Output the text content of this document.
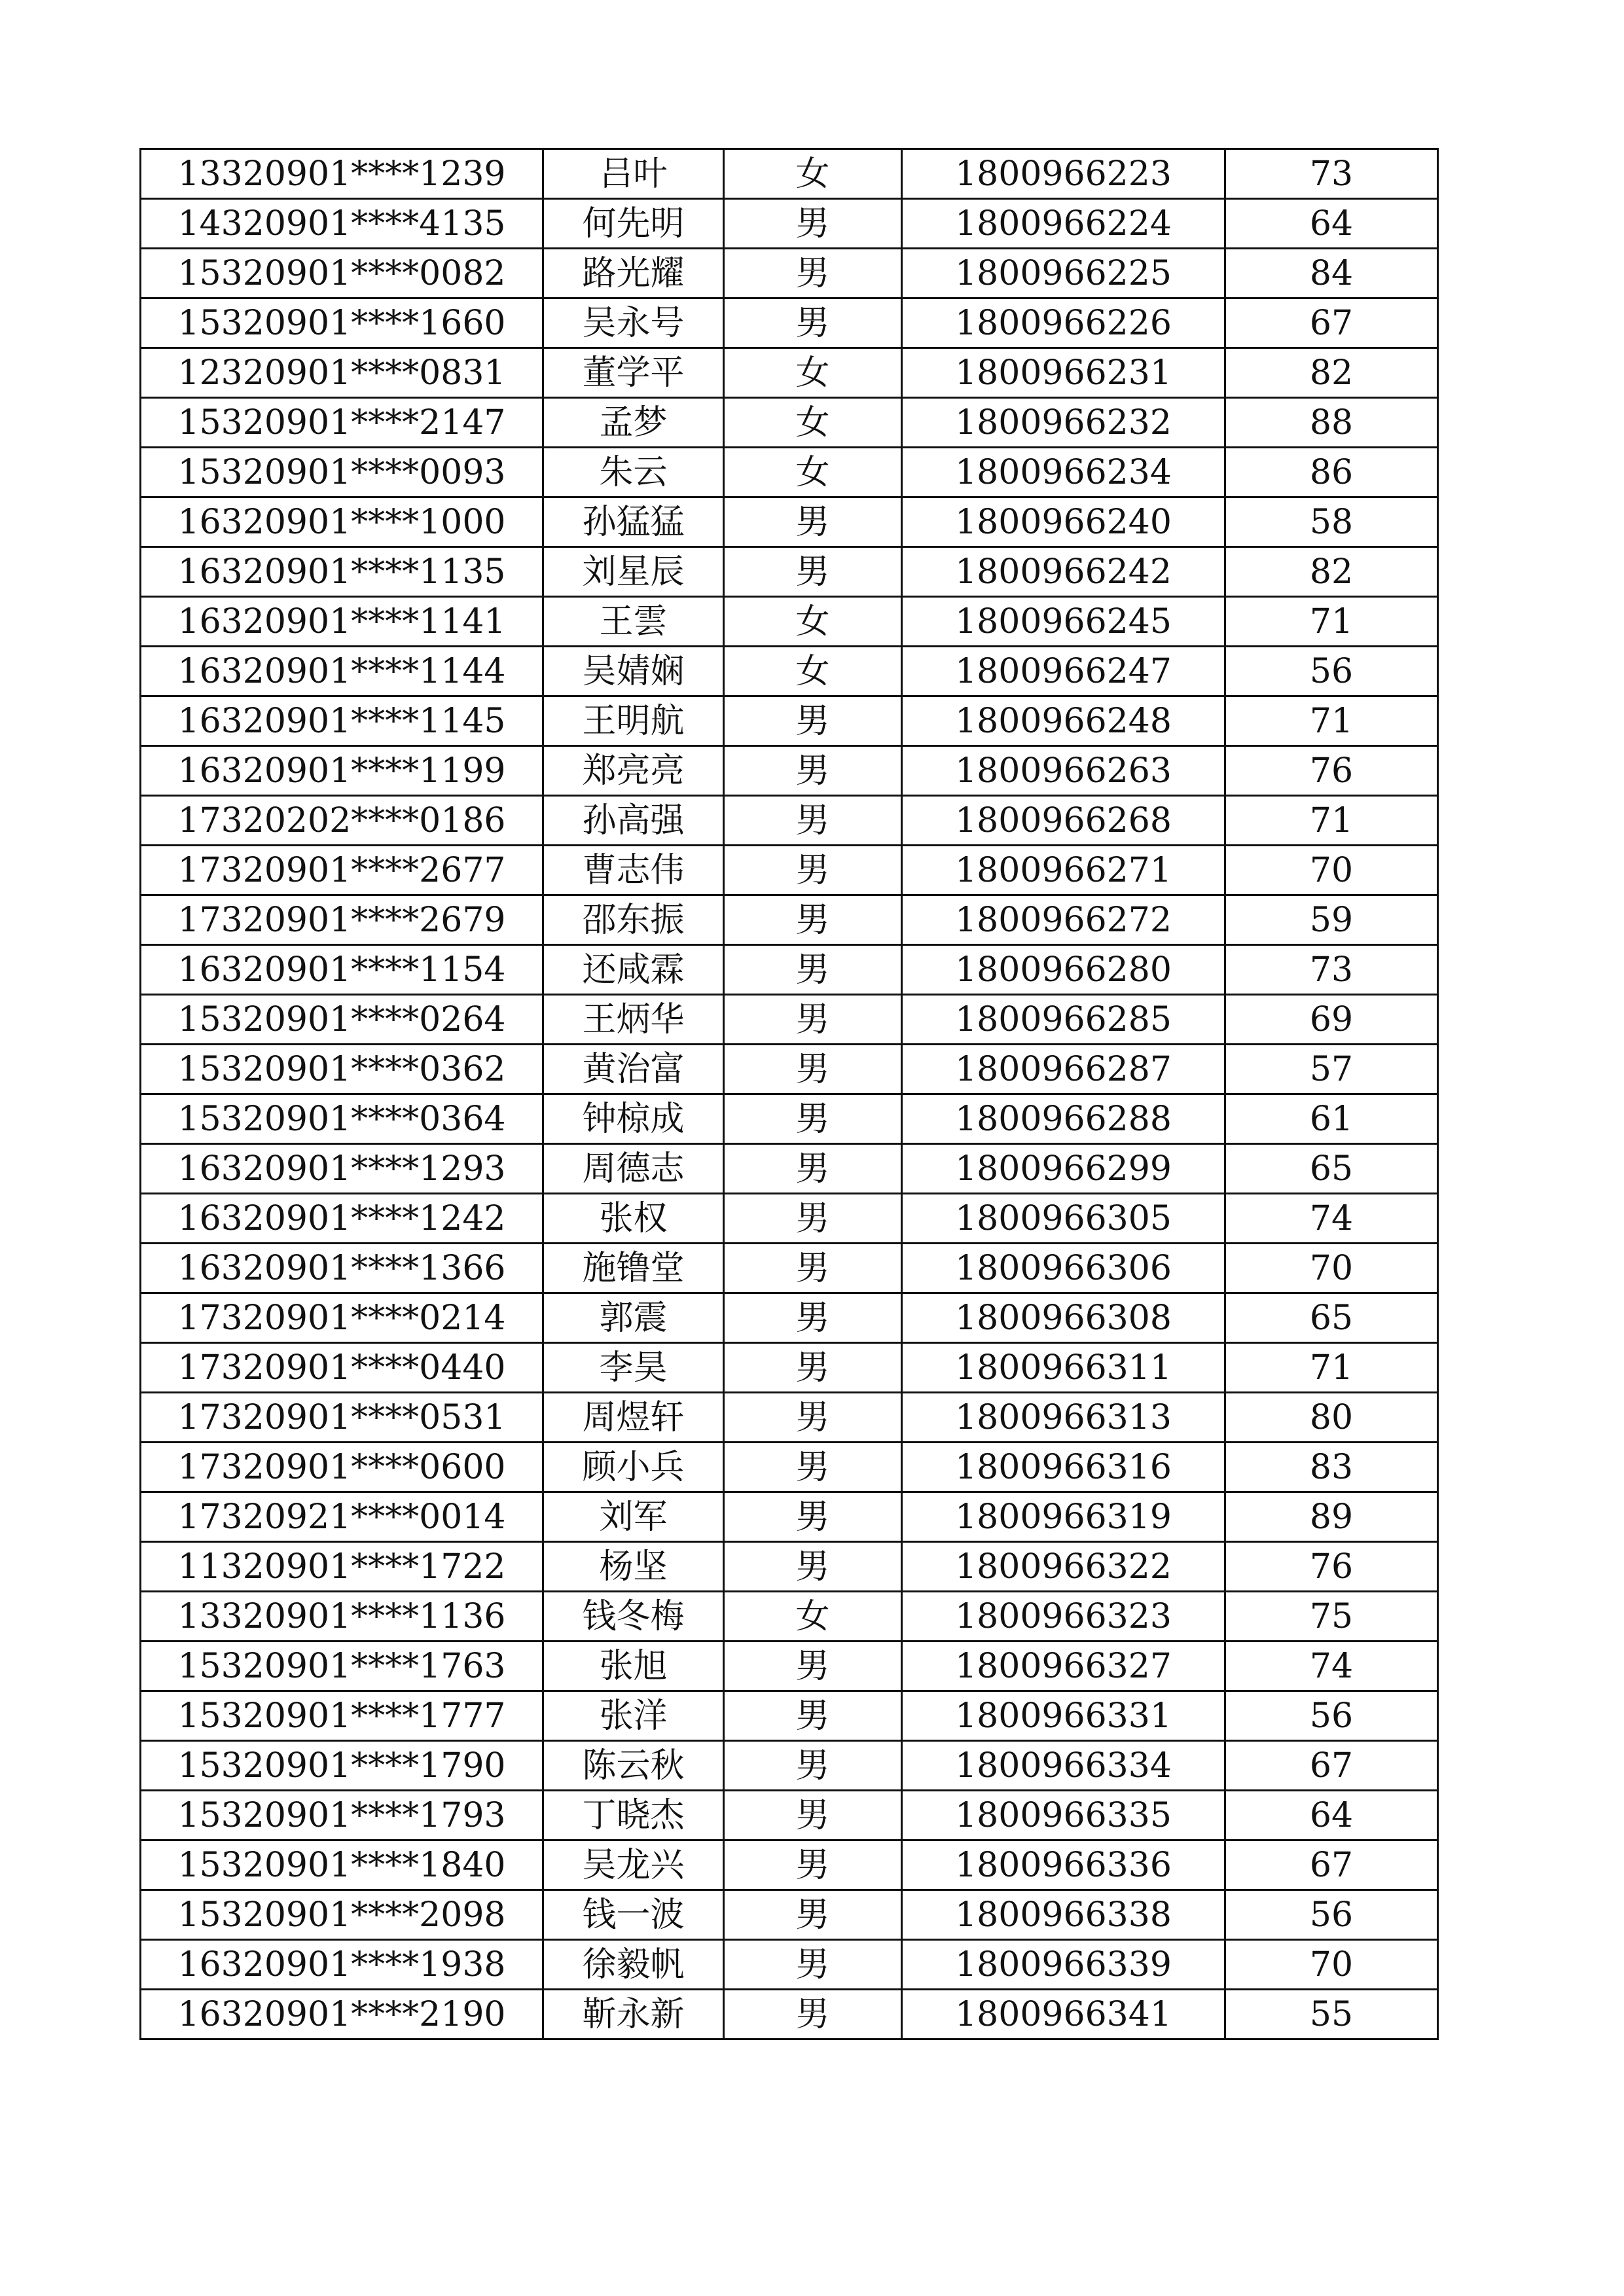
13320901****1239	吕叶	女	1800966223	73
14320901****4135	何先明	男	1800966224	64
15320901****0082	路光耀	男	1800966225	84
15320901****1660	吴永号	男	1800966226	67
12320901****0831	董学平	女	1800966231	82
15320901****2147	孟梦	女	1800966232	88
15320901****0093	朱云	女	1800966234	86
16320901****1000	孙猛猛	男	1800966240	58
16320901****1135	刘星辰	男	1800966242	82
16320901****1141	王雲	女	1800966245	71
16320901****1144	吴婧娴	女	1800966247	56
16320901****1145	王明航	男	1800966248	71
16320901****1199	郑亮亮	男	1800966263	76
17320202****0186	孙高强	男	1800966268	71
17320901****2677	曹志伟	男	1800966271	70
17320901****2679	邵东振	男	1800966272	59
16320901****1154	还咸霖	男	1800966280	73
15320901****0264	王炳华	男	1800966285	69
15320901****0362	黄治富	男	1800966287	57
15320901****0364	钟椋成	男	1800966288	61
16320901****1293	周德志	男	1800966299	65
16320901****1242	张权	男	1800966305	74
16320901****1366	施镥堂	男	1800966306	70
17320901****0214	郭震	男	1800966308	65
17320901****0440	李昊	男	1800966311	71
17320901****0531	周煜轩	男	1800966313	80
17320901****0600	顾小兵	男	1800966316	83
17320921****0014	刘军	男	1800966319	89
11320901****1722	杨坚	男	1800966322	76
13320901****1136	钱冬梅	女	1800966323	75
15320901****1763	张旭	男	1800966327	74
15320901****1777	张洋	男	1800966331	56
15320901****1790	陈云秋	男	1800966334	67
15320901****1793	丁晓杰	男	1800966335	64
15320901****1840	吴龙兴	男	1800966336	67
15320901****2098	钱一波	男	1800966338	56
16320901****1938	徐毅帆	男	1800966339	70
16320901****2190	靳永新	男	1800966341	55
